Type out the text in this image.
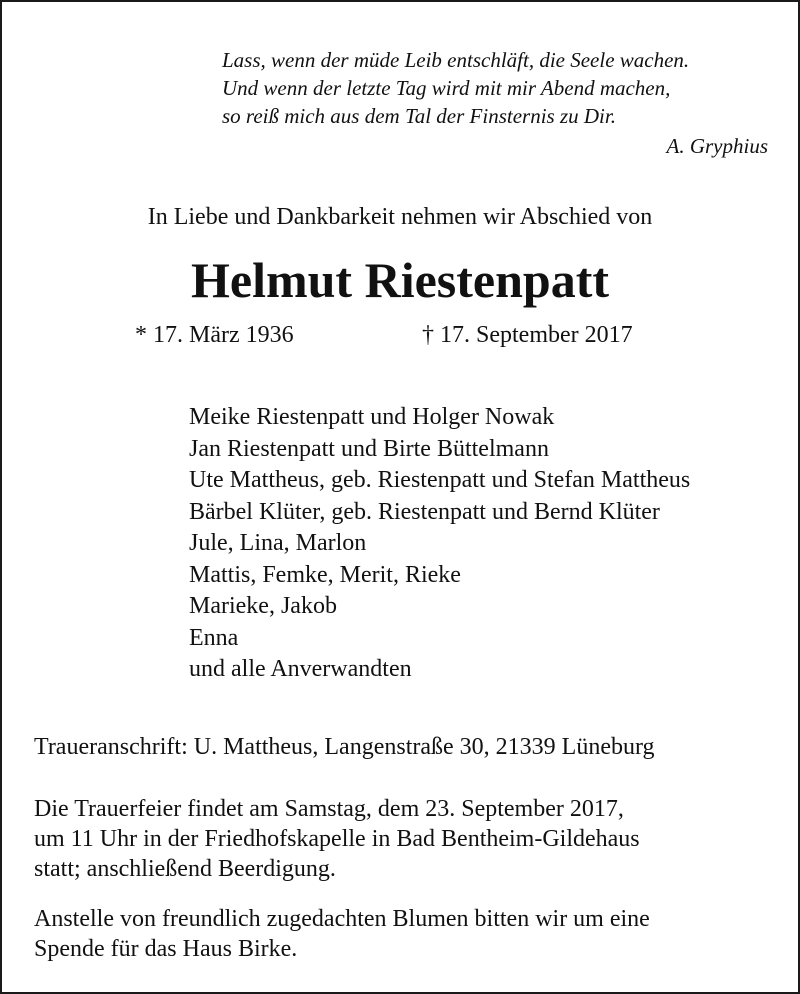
Lass, wenn der müde Leib entschläft, die Seele wachen.
Und wenn der letzte Tag wird mit mir Abend machen,
so reiß mich aus dem Tal der Finsternis zu Dir.
A. Gryphius
In Liebe und Dankbarkeit nehmen wir Abschied von
Helmut Riestenpatt
* 17. März 1936	† 17. September 2017
Meike Riestenpatt und Holger Nowak
Jan Riestenpatt und Birte Büttelmann
Ute Mattheus, geb. Riestenpatt und Stefan Mattheus
Bärbel Klüter, geb. Riestenpatt und Bernd Klüter
Jule, Lina, Marlon
Mattis, Femke, Merit, Rieke
Marieke, Jakob
Enna
und alle Anverwandten
Traueranschrift: U. Mattheus, Langenstraße 30, 21339 Lüneburg
Die Trauerfeier findet am Samstag, dem 23. September 2017,
um 11 Uhr in der Friedhofskapelle in Bad Bentheim-Gildehaus
statt; anschließend Beerdigung.
Anstelle von freundlich zugedachten Blumen bitten wir um eine
Spende für das Haus Birke.
